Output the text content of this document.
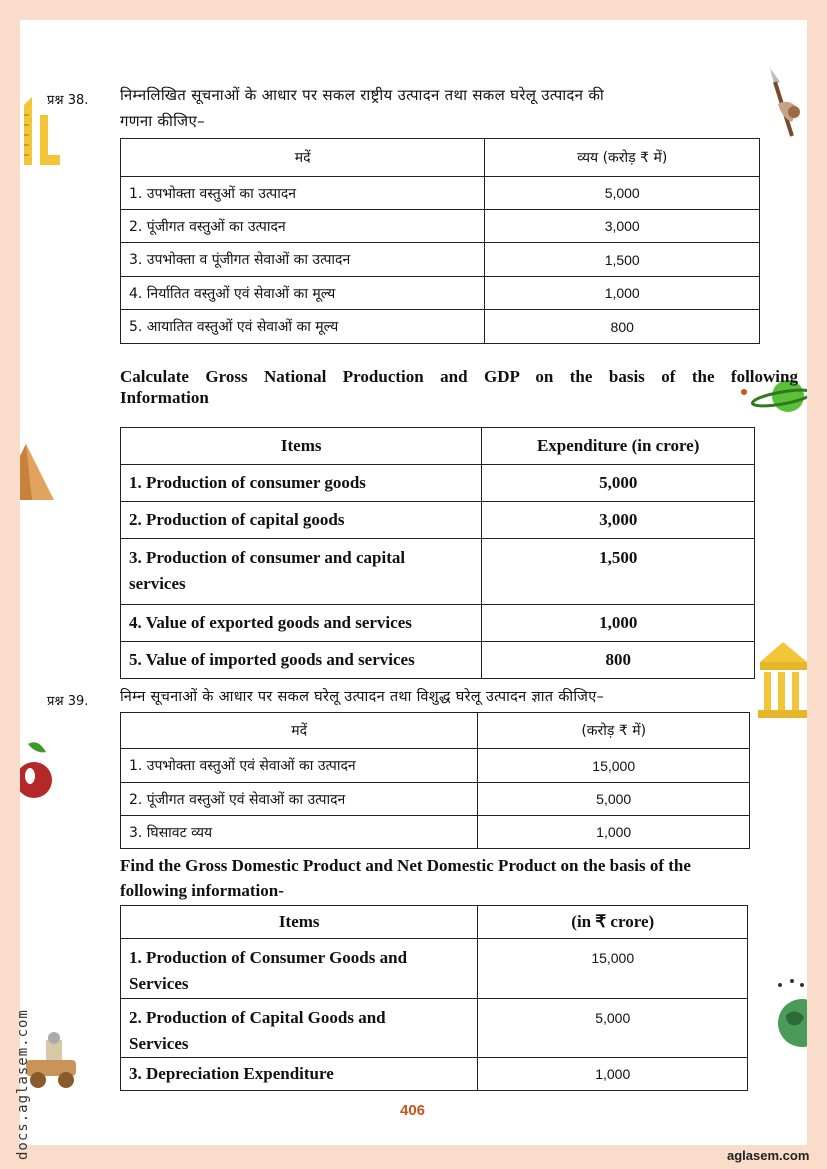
docs.aglasem.com
प्रश्न 38. निम्नलिखित सूचनाओं के आधार पर सकल राष्ट्रीय उत्पादन तथा सकल घरेलू उत्पादन की
गणना कीजिए–
मदें	व्यय (करोड़ ₹ में)
1. उपभोक्ता वस्तुओं का उत्पादन	5,000
2. पूंजीगत वस्तुओं का उत्पादन	3,000
3. उपभोक्ता व पूंजीगत सेवाओं का उत्पादन	1,500
4. निर्यातित वस्तुओं एवं सेवाओं का मूल्य	1,000
5. आयातित वस्तुओं एवं सेवाओं का मूल्य	800
Calculate Gross National Production and GDP on the basis of the following
Information
Items	Expenditure (in crore)
1. Production of consumer goods	5,000
2. Production of capital goods	3,000

3. Production of consumer and capital
services	1,500
4. Value of exported goods and services	1,000
5. Value of imported goods and services	800
प्रश्न 39. निम्न सूचनाओं के आधार पर सकल घरेलू उत्पादन तथा विशुद्ध घरेलू उत्पादन ज्ञात कीजिए–
मदें	(करोड़ ₹ में)
1. उपभोक्ता वस्तुओं एवं सेवाओं का उत्पादन	15,000
2. पूंजीगत वस्तुओं एवं सेवाओं का उत्पादन	5,000
3. घिसावट व्यय	1,000
Find the Gross Domestic Product and Net Domestic Product on the basis of the
following information-
Items	(in ₹ crore)

1. Production of Consumer Goods and
Services	15,000

2. Production of Capital Goods and
Services	5,000
3. Depreciation Expenditure	1,000
406
aglasem.com
